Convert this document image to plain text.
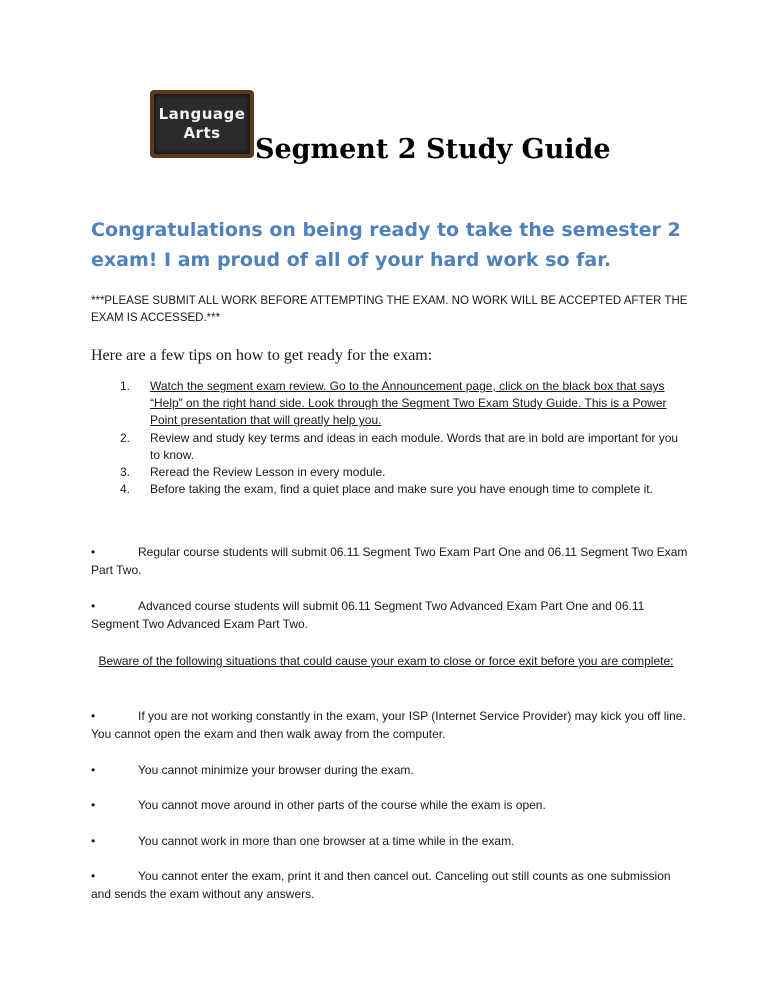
Language
Arts
Segment 2 Study Guide

Congratulations on being ready to take the semester 2 exam! I am proud of all of your hard work so far.

***PLEASE SUBMIT ALL WORK BEFORE ATTEMPTING THE EXAM. NO WORK WILL BE ACCEPTED AFTER THE EXAM IS ACCESSED.***

Here are a few tips on how to get ready for the exam:

1. Watch the segment exam review. Go to the Announcement page, click on the black box that says “Help” on the right hand side. Look through the Segment Two Exam Study Guide. This is a Power Point presentation that will greatly help you.
2. Review and study key terms and ideas in each module. Words that are in bold are important for you to know.
3. Reread the Review Lesson in every module.
4. Before taking the exam, find a quiet place and make sure you have enough time to complete it.

•	Regular course students will submit 06.11 Segment Two Exam Part One and 06.11 Segment Two Exam Part Two.

•	Advanced course students will submit 06.11 Segment Two Advanced Exam Part One and 06.11 Segment Two Advanced Exam Part Two.

Beware of the following situations that could cause your exam to close or force exit before you are complete:

•	If you are not working constantly in the exam, your ISP (Internet Service Provider) may kick you off line. You cannot open the exam and then walk away from the computer.

•	You cannot minimize your browser during the exam.

•	You cannot move around in other parts of the course while the exam is open.

•	You cannot work in more than one browser at a time while in the exam.

•	You cannot enter the exam, print it and then cancel out. Canceling out still counts as one submission and sends the exam without any answers.
